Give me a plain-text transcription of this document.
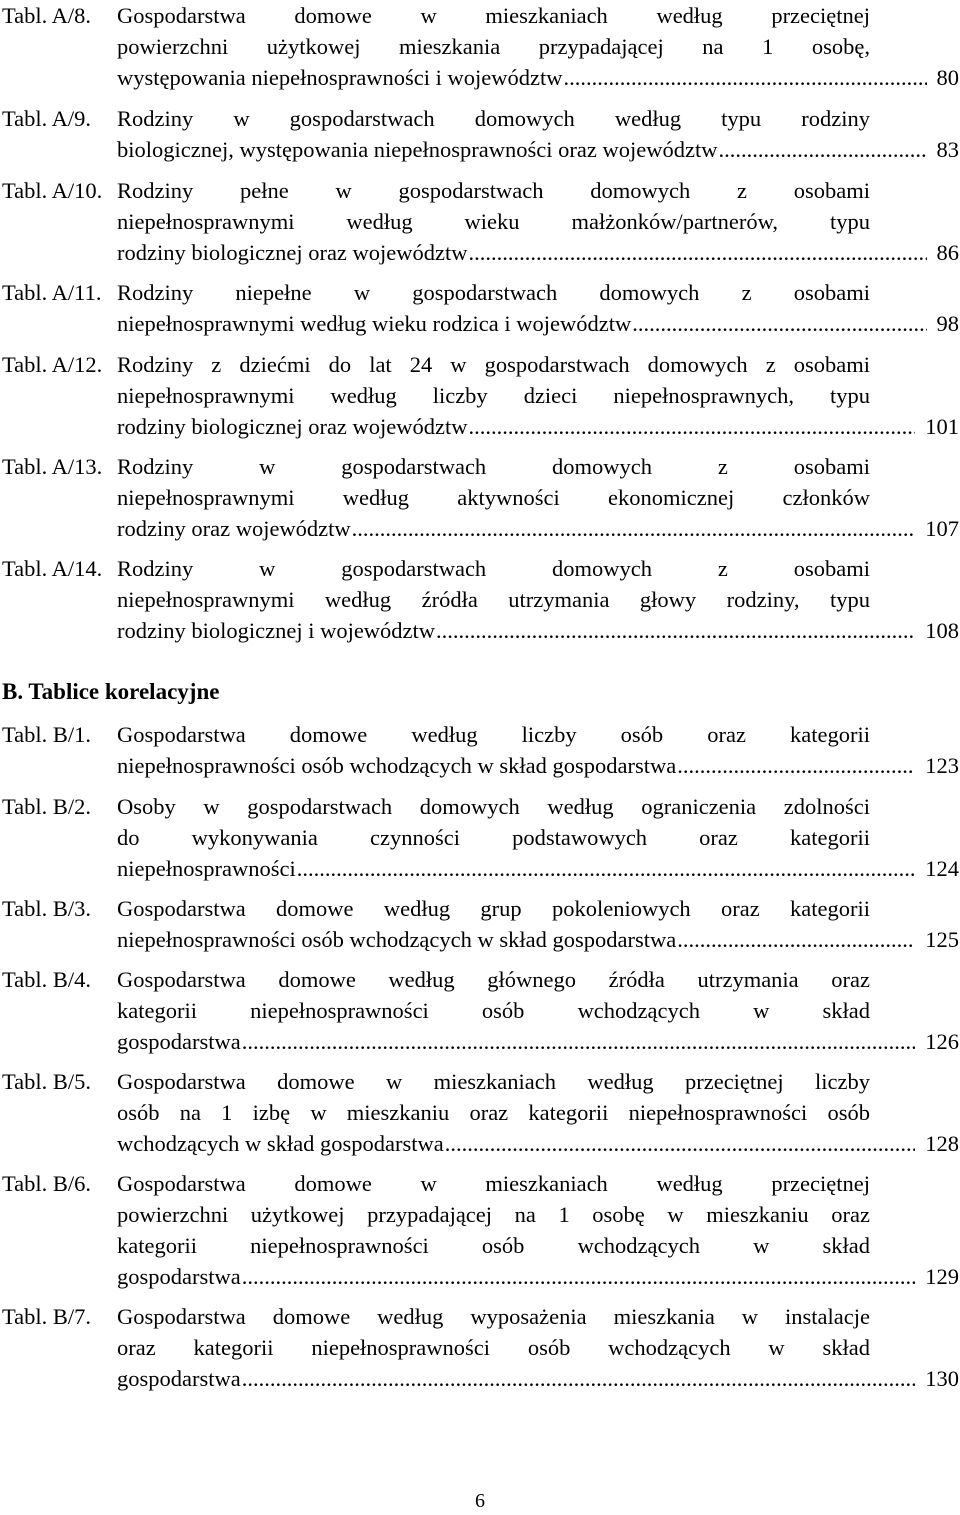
Tabl. A/8. Gospodarstwa domowe w mieszkaniach według przeciętnej
powierzchni użytkowej mieszkania przypadającej na 1 osobę,
występowania niepełnosprawności i województw .....	80
Tabl. A/9. Rodziny w gospodarstwach domowych według typu rodziny
biologicznej, występowania niepełnosprawności oraz województw .....	83
Tabl. A/10. Rodziny pełne w gospodarstwach domowych z osobami
niepełnosprawnymi według wieku małżonków/partnerów, typu
rodziny biologicznej oraz województw .....	86
Tabl. A/11. Rodziny niepełne w gospodarstwach domowych z osobami
niepełnosprawnymi według wieku rodzica i województw .....	98
Tabl. A/12. Rodziny z dziećmi do lat 24 w gospodarstwach domowych z osobami
niepełnosprawnymi według liczby dzieci niepełnosprawnych, typu
rodziny biologicznej oraz województw .....	101
Tabl. A/13. Rodziny w gospodarstwach domowych z osobami
niepełnosprawnymi według aktywności ekonomicznej członków
rodziny oraz województw .....	107
Tabl. A/14. Rodziny w gospodarstwach domowych z osobami
niepełnosprawnymi według źródła utrzymania głowy rodziny, typu
rodziny biologicznej i województw .....	108
Tabl. B/1. Gospodarstwa domowe według liczby osób oraz kategorii
niepełnosprawności osób wchodzących w skład gospodarstwa .....	123
Tabl. B/2. Osoby w gospodarstwach domowych według ograniczenia zdolności
do wykonywania czynności podstawowych oraz kategorii
niepełnosprawności .....	124
Tabl. B/3. Gospodarstwa domowe według grup pokoleniowych oraz kategorii
niepełnosprawności osób wchodzących w skład gospodarstwa .....	125
Tabl. B/4. Gospodarstwa domowe według głównego źródła utrzymania oraz
kategorii niepełnosprawności osób wchodzących w skład
gospodarstwa .....	126
Tabl. B/5. Gospodarstwa domowe w mieszkaniach według przeciętnej liczby
osób na 1 izbę w mieszkaniu oraz kategorii niepełnosprawności osób
wchodzących w skład gospodarstwa .....	128
Tabl. B/6. Gospodarstwa domowe w mieszkaniach według przeciętnej
powierzchni użytkowej przypadającej na 1 osobę w mieszkaniu oraz
kategorii niepełnosprawności osób wchodzących w skład
gospodarstwa .....	129
Tabl. B/7. Gospodarstwa domowe według wyposażenia mieszkania w instalacje
oraz kategorii niepełnosprawności osób wchodzących w skład
gospodarstwa .....	130
B. Tablice korelacyjne
6
